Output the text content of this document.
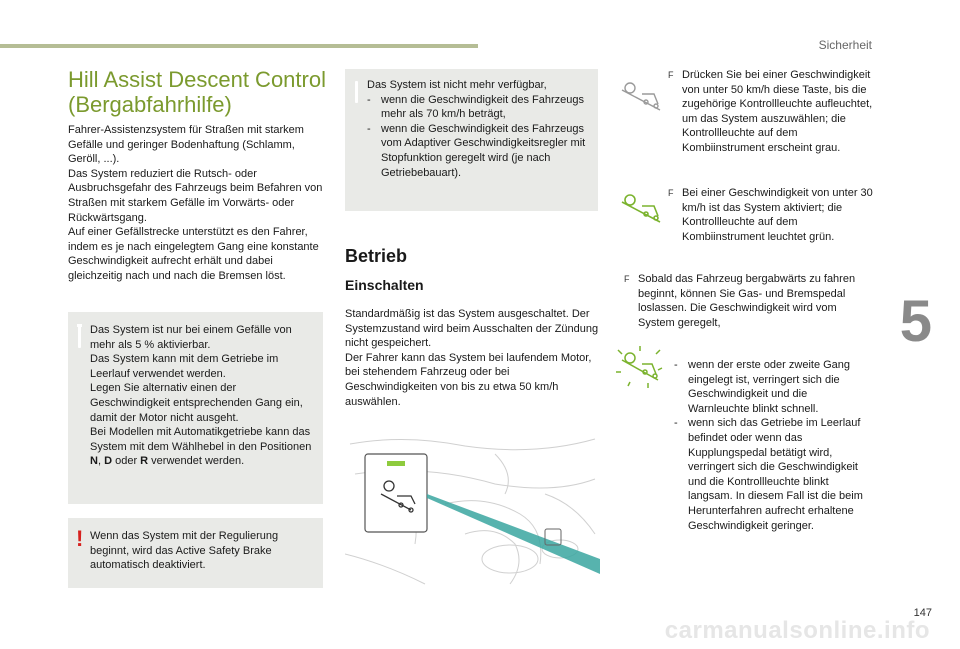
Sicherheit
5
147
carmanualsonline.info
Hill Assist Descent Control (Bergabfahrhilfe)
Fahrer-Assistenzsystem für Straßen mit starkem Gefälle und geringer Bodenhaftung (Schlamm, Geröll, ...).
Das System reduziert die Rutsch- oder Ausbruchsgefahr des Fahrzeugs beim Befahren von Straßen mit starkem Gefälle im Vorwärts- oder Rückwärtsgang.
Auf einer Gefällstrecke unterstützt es den Fahrer, indem es je nach eingelegtem Gang eine konstante Geschwindigkeit aufrecht erhält und dabei gleichzeitig nach und nach die Bremsen löst.
Das System ist nur bei einem Gefälle von mehr als 5 % aktivierbar.
Das System kann mit dem Getriebe im Leerlauf verwendet werden.
Legen Sie alternativ einen der Geschwindigkeit entsprechenden Gang ein, damit der Motor nicht ausgeht.
Bei Modellen mit Automatikgetriebe kann das System mit dem Wählhebel in den Positionen N, D oder R verwendet werden.
! Wenn das System mit der Regulierung beginnt, wird das Active Safety Brake automatisch deaktiviert.
Das System ist nicht mehr verfügbar,
- wenn die Geschwindigkeit des Fahrzeugs mehr als 70 km/h beträgt,
- wenn die Geschwindigkeit des Fahrzeugs vom Adaptiver Geschwindigkeitsregler mit Stopfunktion geregelt wird (je nach Getriebebauart).
Betrieb
Einschalten
Standardmäßig ist das System ausgeschaltet. Der Systemzustand wird beim Ausschalten der Zündung nicht gespeichert.
Der Fahrer kann das System bei laufendem Motor, bei stehendem Fahrzeug oder bei Geschwindigkeiten von bis zu etwa 50 km/h auswählen.
F Drücken Sie bei einer Geschwindigkeit von unter 50 km/h diese Taste, bis die zugehörige Kontrollleuchte aufleuchtet, um das System auszuwählen; die Kontrollleuchte auf dem Kombiinstrument erscheint grau.
F Bei einer Geschwindigkeit von unter 30 km/h ist das System aktiviert; die Kontrollleuchte auf dem Kombiinstrument leuchtet grün.
F Sobald das Fahrzeug bergabwärts zu fahren beginnt, können Sie Gas- und Bremspedal loslassen. Die Geschwindigkeit wird vom System geregelt,
- wenn der erste oder zweite Gang eingelegt ist, verringert sich die Geschwindigkeit und die Warnleuchte blinkt schnell.
- wenn sich das Getriebe im Leerlauf befindet oder wenn das Kupplungspedal betätigt wird, verringert sich die Geschwindigkeit und die Kontrollleuchte blinkt langsam. In diesem Fall ist die beim Herunterfahren aufrecht erhaltene Geschwindigkeit geringer.
